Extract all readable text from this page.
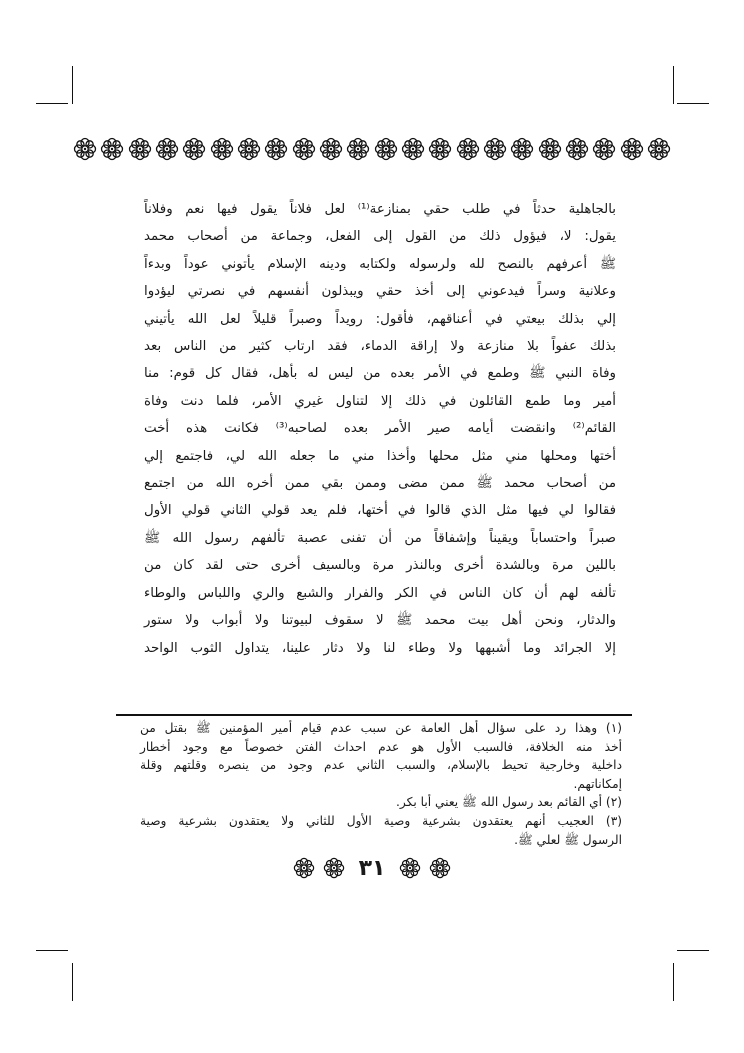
بالجاهلية حدثاً في طلب حقي بمنازعة⁽¹⁾ لعل فلاناً يقول فيها نعم وفلاناً

يقول: لا، فيؤول ذلك من القول إلى الفعل، وجماعة من أصحاب محمد

ﷺ أعرفهم بالنصح لله ولرسوله ولكتابه ودينه الإسلام يأتوني عوداً وبدءاً

وعلانية وسراً فيدعوني إلى أخذ حقي ويبذلون أنفسهم في نصرتي ليؤدوا

إلي بذلك بيعتي في أعناقهم، فأقول: رويداً وصبراً قليلاً لعل الله يأتيني

بذلك عفواً بلا منازعة ولا إراقة الدماء، فقد ارتاب كثير من الناس بعد

وفاة النبي ﷺ وطمع في الأمر بعده من ليس له بأهل، فقال كل قوم: منا

أمير وما طمع القائلون في ذلك إلا لتناول غيري الأمر، فلما دنت وفاة

القائم⁽²⁾ وانقضت أيامه صير الأمر بعده لصاحبه⁽³⁾ فكانت هذه أخت

أختها ومحلها مني مثل محلها وأخذا مني ما جعله الله لي، فاجتمع إلي

من أصحاب محمد ﷺ ممن مضى وممن بقي ممن أخره الله من اجتمع

فقالوا لي فيها مثل الذي قالوا في أختها، فلم يعد قولي الثاني قولي الأول

صبراً واحتساباً ويقيناً وإشفاقاً من أن تفنى عصبة تألفهم رسول الله ﷺ

باللين مرة وبالشدة أخرى وبالنذر مرة وبالسيف أخرى حتى لقد كان من

تألفه لهم أن كان الناس في الكر والفرار والشبع والري واللباس والوطاء

والدثار، ونحن أهل بيت محمد ﷺ لا سقوف لبيوتنا ولا أبواب ولا ستور

إلا الجرائد وما أشبهها ولا وطاء لنا ولا دثار علينا، يتداول الثوب الواحد

(١) وهذا رد على سؤال أهل العامة عن سبب عدم قيام أمير المؤمنين ﷺ بقتل من

أخذ منه الخلافة، فالسبب الأول هو عدم احداث الفتن خصوصاً مع وجود أخطار

داخلية وخارجية تحيط بالإسلام، والسبب الثاني عدم وجود من ينصره وقلتهم وقلة

إمكاناتهم.

(٢) أي القائم بعد رسول الله ﷺ يعني أبا بكر.

(٣) العجيب أنهم يعتقدون بشرعية وصية الأول للثاني ولا يعتقدون بشرعية وصية

الرسول ﷺ لعلي ﷺ.

٣١
